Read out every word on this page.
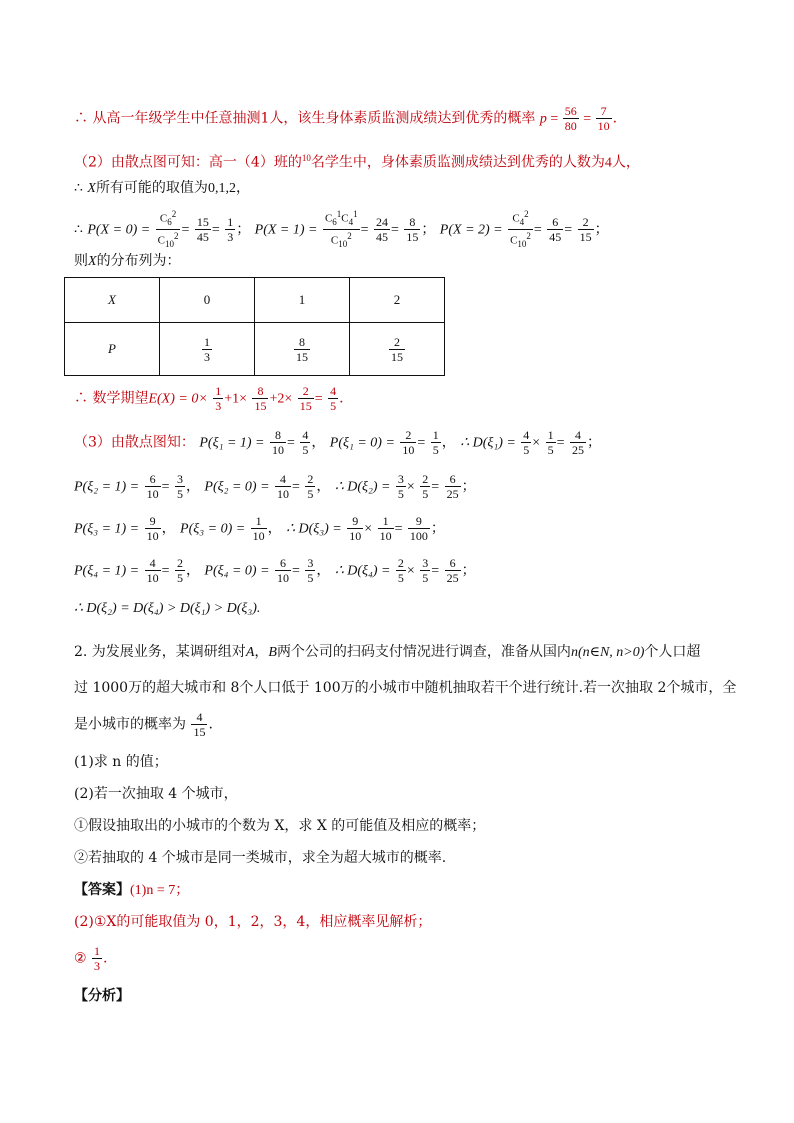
∴ 从高一年级学生中任意抽测1人，该生身体素质监测成绩达到优秀的概率 $p = \frac{56}{80} = \frac{7}{10}$ .
（2）由散点图可知：高一（4）班的$^{10}$名学生中，身体素质监测成绩达到优秀的人数为4人，
∴ X所有可能的取值为0,1,2，
∴ $P(X = 0) = \frac{C_6^2}{C_{10}^2} = \frac{15}{45} = \frac{1}{3}$ ； $P(X = 1) = \frac{C_6^1C_4^1}{C_{10}^2} = \frac{24}{45} = \frac{8}{15}$ ； $P(X = 2) = \frac{C_4^2}{C_{10}^2} = \frac{6}{45} = \frac{2}{15}$ ；
则X的分布列为：
X	0	1	2
P	$\frac{1}{3}$	$\frac{8}{15}$	$\frac{2}{15}$
∴ 数学期望$E(X) = 0\times \frac{1}{3} +1\times \frac{8}{15} +2\times \frac{2}{15} = \frac{4}{5}$ .
（3）由散点图知： $P(\xi_1 = 1) = \frac{8}{10} = \frac{4}{5}$ ， $P(\xi_1 = 0) = \frac{2}{10} = \frac{1}{5}$ ， ∴ $D(\xi_1) = \frac{4}{5} \times \frac{1}{5} = \frac{4}{25}$ ；
$P(\xi_2 = 1) = \frac{6}{10} = \frac{3}{5}$ ， $P(\xi_2 = 0) = \frac{4}{10} = \frac{2}{5}$ ， ∴ $D(\xi_2) = \frac{3}{5} \times \frac{2}{5} = \frac{6}{25}$ ；
$P(\xi_3 = 1) = \frac{9}{10}$ ， $P(\xi_3 = 0) = \frac{1}{10}$ ， ∴ $D(\xi_3) = \frac{9}{10} \times \frac{1}{10} = \frac{9}{100}$ ；
$P(\xi_4 = 1) = \frac{4}{10} = \frac{2}{5}$ ， $P(\xi_4 = 0) = \frac{6}{10} = \frac{3}{5}$ ， ∴ $D(\xi_4) = \frac{2}{5} \times \frac{3}{5} = \frac{6}{25}$ ；
∴ D(ξ₂) = D(ξ₄) > D(ξ₁) > D(ξ₃).
2. 为发展业务，某调研组对A，B两个公司的扫码支付情况进行调查，准备从国内n(n∈N, n>0)个人口超
过 1000万的超大城市和 8个人口低于 100万的小城市中随机抽取若干个进行统计.若一次抽取 2个城市，全
是小城市的概率为 $\frac{4}{15}$ .
(1)求 n 的值；
(2)若一次抽取 4 个城市，
①假设抽取出的小城市的个数为 X，求 X 的可能值及相应的概率；
②若抽取的 4 个城市是同一类城市，求全为超大城市的概率.
【答案】(1)n = 7；
(2)①X的可能取值为 0，1，2，3，4，相应概率见解析；
② $\frac{1}{3}$ .
【分析】
